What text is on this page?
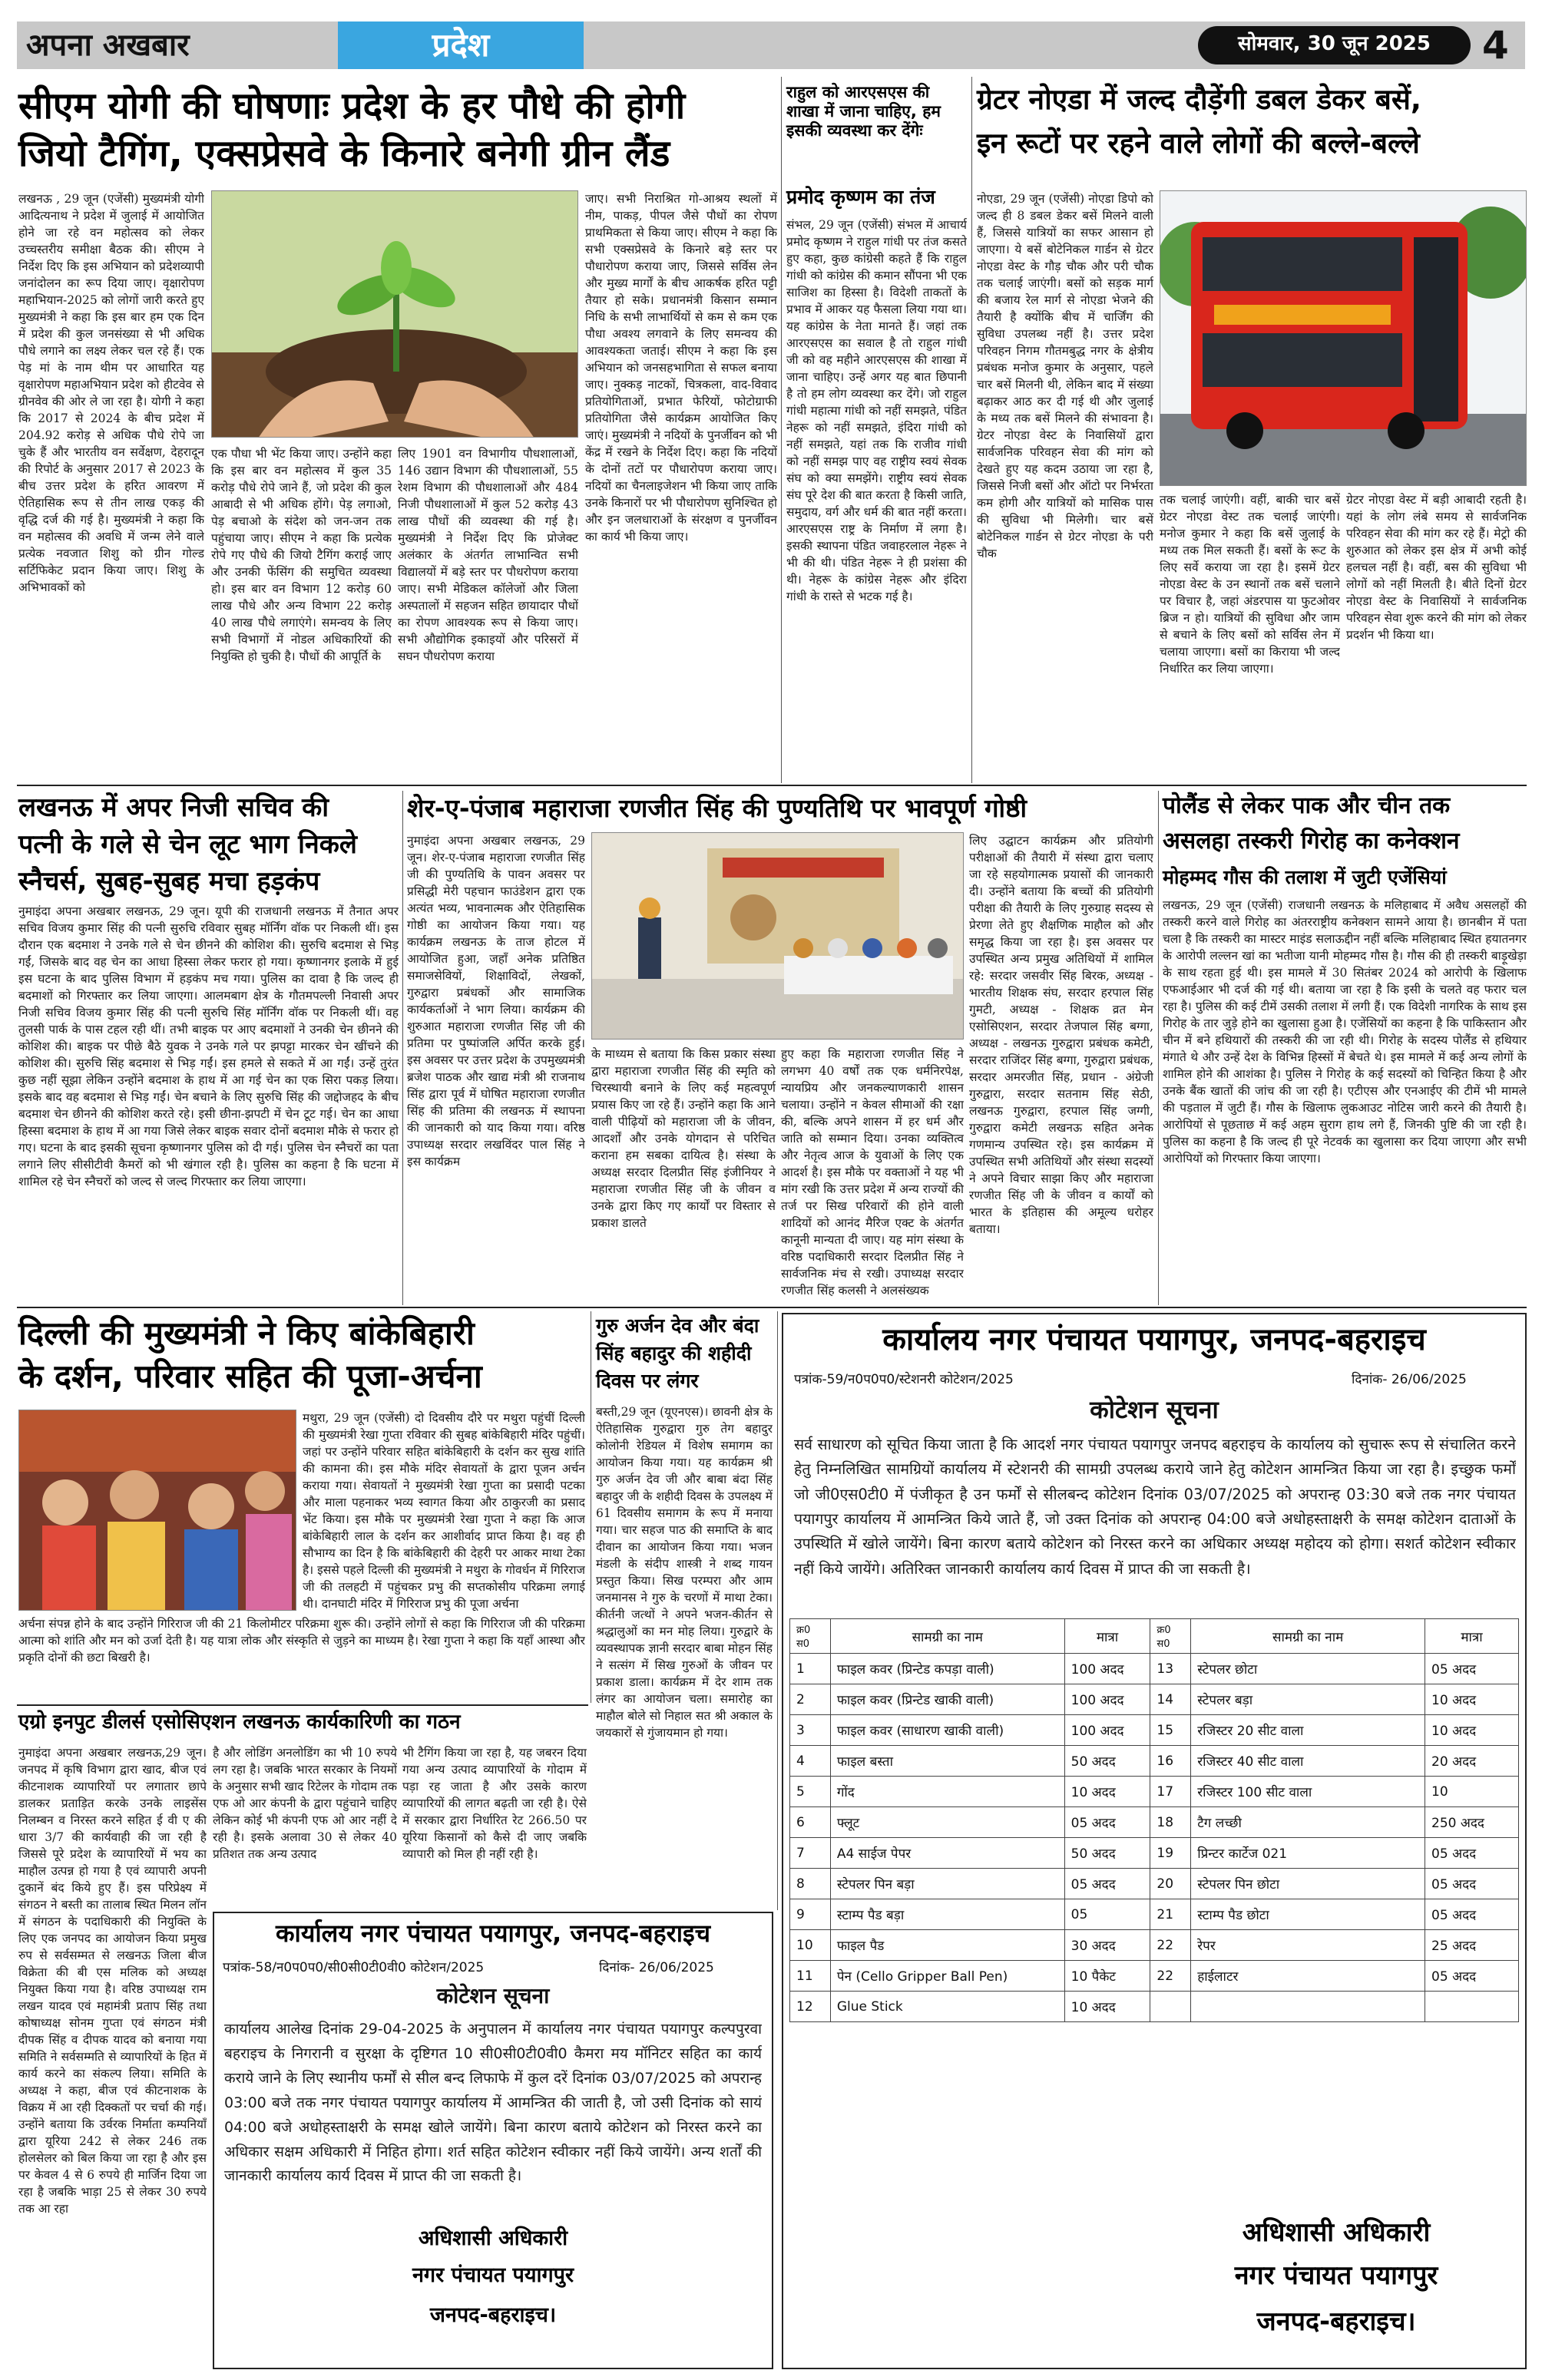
अपना अखबार	प्रदेश	सोमवार, 30 जून 2025	4
सीएम योगी की घोषणाः प्रदेश के हर पौधे की होगी
जियो टैगिंग, एक्सप्रेसवे के किनारे बनेगी ग्रीन लैंड
लखनऊ , 29 जून (एजेंसी) मुख्यमंत्री योगी आदित्यनाथ ने प्रदेश में जुलाई में आयोजित होने जा रहे वन महोत्सव को लेकर उच्चस्तरीय समीक्षा बैठक की। सीएम ने निर्देश दिए कि इस अभियान को प्रदेशव्यापी जनांदोलन का रूप दिया जाए। वृक्षारोपण महाभियान-2025 को लोगों जारी करते हुए मुख्यमंत्री ने कहा कि इस बार हम एक दिन में प्रदेश की कुल जनसंख्या से भी अधिक पौधे लगाने का लक्ष्य लेकर चल रहे हैं। एक पेड़ मां के नाम थीम पर आधारित यह वृक्षारोपण महाअभियान प्रदेश को हीटवेव से ग्रीनवेव की ओर ले जा रहा है। योगी ने कहा कि 2017 से 2024 के बीच प्रदेश में 204.92 करोड़ से अधिक पौधे रोपे जा चुके हैं और भारतीय वन सर्वेक्षण, देहरादून की रिपोर्ट के अनुसार 2017 से 2023 के बीच उत्तर प्रदेश के हरित आवरण में ऐतिहासिक रूप से तीन लाख एकड़ की वृद्धि दर्ज की गई है। मुख्यमंत्री ने कहा कि वन महोत्सव की अवधि में जन्म लेने वाले प्रत्येक नवजात शिशु को ग्रीन गोल्ड सर्टिफिकेट प्रदान किया जाए। शिशु के अभिभावकों को
एक पौधा भी भेंट किया जाए। उन्होंने कहा कि इस बार वन महोत्सव में कुल 35 करोड़ पौधे रोपे जाने हैं, जो प्रदेश की कुल आबादी से भी अधिक होंगे। पेड़ लगाओ, पेड़ बचाओ के संदेश को जन-जन तक पहुंचाया जाए। सीएम ने कहा कि प्रत्येक रोपे गए पौधे की जियो टैगिंग कराई जाए और उनकी फेंसिंग की समुचित व्यवस्था हो। इस बार वन विभाग 12 करोड़ 60 लाख पौधे और अन्य विभाग 22 करोड़ 40 लाख पौधे लगाएंगे। समन्वय के लिए सभी विभागों में नोडल अधिकारियों की नियुक्ति हो चुकी है। पौधों की आपूर्ति के
लिए 1901 वन विभागीय पौधशालाओं, 146 उद्यान विभाग की पौधशालाओं, 55 रेशम विभाग की पौधशालाओं और 484 निजी पौधशालाओं में कुल 52 करोड़ 43 लाख पौधों की व्यवस्था की गई है। मुख्यमंत्री ने निर्देश दिए कि प्रोजेक्ट अलंकार के अंतर्गत लाभान्वित सभी विद्यालयों में बड़े स्तर पर पौधरोपण कराया जाए। सभी मेडिकल कॉलेजों और जिला अस्पतालों में सहजन सहित छायादार पौधों का रोपण आवश्यक रूप से किया जाए। सभी औद्योगिक इकाइयों और परिसरों में सघन पौधरोपण कराया
जाए। सभी निराश्रित गो-आश्रय स्थलों में नीम, पाकड़, पीपल जैसे पौधों का रोपण प्राथमिकता से किया जाए। सीएम ने कहा कि सभी एक्सप्रेसवे के किनारे बड़े स्तर पर पौधारोपण कराया जाए, जिससे सर्विस लेन और मुख्य मार्गों के बीच आकर्षक हरित पट्टी तैयार हो सके। प्रधानमंत्री किसान सम्मान निधि के सभी लाभार्थियों से कम से कम एक पौधा अवश्य लगवाने के लिए समन्वय की आवश्यकता जताई। सीएम ने कहा कि इस अभियान को जनसहभागिता से सफल बनाया जाए। नुक्कड़ नाटकों, चित्रकला, वाद-विवाद प्रतियोगिताओं, प्रभात फेरियों, फोटोग्राफी प्रतियोगिता जैसे कार्यक्रम आयोजित किए जाएं। मुख्यमंत्री ने नदियों के पुनर्जीवन को भी केंद्र में रखने के निर्देश दिए। कहा कि नदियों के दोनों तटों पर पौधारोपण कराया जाए। नदियों का चैनलाइजेशन भी किया जाए ताकि उनके किनारों पर भी पौधारोपण सुनिश्चित हो और इन जलधाराओं के संरक्षण व पुनर्जीवन का कार्य भी किया जाए।
राहुल को आरएसएस की शाखा में जाना चाहिए, हम इसकी व्यवस्था कर देंगेः
प्रमोद कृष्णम का तंज
संभल, 29 जून (एजेंसी) संभल में आचार्य प्रमोद कृष्णम ने राहुल गांधी पर तंज कसते हुए कहा, कुछ कांग्रेसी कहते हैं कि राहुल गांधी को कांग्रेस की कमान सौंपना भी एक साजिश का हिस्सा है। विदेशी ताकतों के प्रभाव में आकर यह फैसला लिया गया था। यह कांग्रेस के नेता मानते हैं। जहां तक आरएसएस का सवाल है तो राहुल गांधी जी को वह महीने आरएसएस की शाखा में जाना चाहिए। उन्हें अगर यह बात छिपानी है तो हम लोग व्यवस्था कर देंगे। जो राहुल गांधी महात्मा गांधी को नहीं समझते, पंडित नेहरू को नहीं समझते, इंदिरा गांधी को नहीं समझते, यहां तक कि राजीव गांधी को नहीं समझ पाए वह राष्ट्रीय स्वयं सेवक संघ को क्या समझेंगे। राष्ट्रीय स्वयं सेवक संघ पूरे देश की बात करता है किसी जाति, समुदाय, वर्ग और धर्म की बात नहीं करता। आरएसएस राष्ट्र के निर्माण में लगा है। इसकी स्थापना पंडित जवाहरलाल नेहरू ने भी की थी। पंडित नेहरू ने ही प्रशंसा की थी। नेहरू के कांग्रेस नेहरू और इंदिरा गांधी के रास्ते से भटक गई है।
ग्रेटर नोएडा में जल्द दौड़ेंगी डबल डेकर बसें,
इन रूटों पर रहने वाले लोगों की बल्ले-बल्ले
नोएडा, 29 जून (एजेंसी) नोएडा डिपो को जल्द ही 8 डबल डेकर बसें मिलने वाली हैं, जिससे यात्रियों का सफर आसान हो जाएगा। ये बसें बोटेनिकल गार्डन से ग्रेटर नोएडा वेस्ट के गौड़ चौक और परी चौक तक चलाई जाएंगी। बसों को सड़क मार्ग की बजाय रेल मार्ग से नोएडा भेजने की तैयारी है क्योंकि बीच में चार्जिंग की सुविधा उपलब्ध नहीं है। उत्तर प्रदेश परिवहन निगम गौतमबुद्ध नगर के क्षेत्रीय प्रबंधक मनोज कुमार के अनुसार, पहले चार बसें मिलनी थी, लेकिन बाद में संख्या बढ़ाकर आठ कर दी गई थी और जुलाई के मध्य तक बसें मिलने की संभावना है। ग्रेटर नोएडा वेस्ट के निवासियों द्वारा सार्वजनिक परिवहन सेवा की मांग को देखते हुए यह कदम उठाया जा रहा है, जिससे निजी बसों और ऑटो पर निर्भरता कम होगी और यात्रियों को मासिक पास की सुविधा भी मिलेगी। चार बसें बोटेनिकल गार्डन से ग्रेटर नोएडा के परी चौक
तक चलाई जाएंगी। वहीं, बाकी चार बसें ग्रेटर नोएडा वेस्ट तक चलाई जाएंगी। मनोज कुमार ने कहा कि बसें जुलाई के मध्य तक मिल सकती हैं। बसों के रूट के लिए सर्वे कराया जा रहा है। इसमें ग्रेटर नोएडा वेस्ट के उन स्थानों तक बसें चलाने पर विचार है, जहां अंडरपास या फुटओवर ब्रिज न हो। यात्रियों की सुविधा और जाम से बचाने के लिए बसों को सर्विस लेन में चलाया जाएगा। बसों का किराया भी जल्द निर्धारित कर लिया जाएगा।
ग्रेटर नोएडा वेस्ट में बड़ी आबादी रहती है। यहां के लोग लंबे समय से सार्वजनिक परिवहन सेवा की मांग कर रहे हैं। मेट्रो की शुरुआत को लेकर इस क्षेत्र में अभी कोई हलचल नहीं है। वहीं, बस की सुविधा भी लोगों को नहीं मिलती है। बीते दिनों ग्रेटर नोएडा वेस्ट के निवासियों ने सार्वजनिक परिवहन सेवा शुरू करने की मांग को लेकर प्रदर्शन भी किया था।
लखनऊ में अपर निजी सचिव की
पत्नी के गले से चेन लूट भाग निकले
स्नैचर्स, सुबह-सुबह मचा हड़कंप
नुमाइंदा अपना अखबार लखनऊ, 29 जून। यूपी की राजधानी लखनऊ में तैनात अपर सचिव विजय कुमार सिंह की पत्नी सुरुचि रविवार सुबह मॉर्निंग वॉक पर निकली थीं। इस दौरान एक बदमाश ने उनके गले से चेन छीनने की कोशिश की। सुरुचि बदमाश से भिड़ गईं, जिसके बाद वह चेन का आधा हिस्सा लेकर फरार हो गया। कृष्णानगर इलाके में हुई इस घटना के बाद पुलिस विभाग में हड़कंप मच गया। पुलिस का दावा है कि जल्द ही बदमाशों को गिरफ्तार कर लिया जाएगा। आलमबाग क्षेत्र के गौतमपल्ली निवासी अपर निजी सचिव विजय कुमार सिंह की पत्नी सुरुचि सिंह मॉर्निंग वॉक पर निकली थीं। वह तुलसी पार्क के पास टहल रही थीं। तभी बाइक पर आए बदमाशों ने उनकी चेन छीनने की कोशिश की। बाइक पर पीछे बैठे युवक ने उनके गले पर झपट्टा मारकर चेन खींचने की कोशिश की। सुरुचि सिंह बदमाश से भिड़ गईं। इस हमले से सकते में आ गईं। उन्हें तुरंत कुछ नहीं सूझा लेकिन उन्होंने बदमाश के हाथ में आ गई चेन का एक सिरा पकड़ लिया। इसके बाद वह बदमाश से भिड़ गईं। चेन बचाने के लिए सुरुचि सिंह की जद्दोजहद के बीच बदमाश चेन छीनने की कोशिश करते रहे। इसी छीना-झपटी में चेन टूट गई। चेन का आधा हिस्सा बदमाश के हाथ में आ गया जिसे लेकर बाइक सवार दोनों बदमाश मौके से फरार हो गए। घटना के बाद इसकी सूचना कृष्णानगर पुलिस को दी गई। पुलिस चेन स्नैचरों का पता लगाने लिए सीसीटीवी कैमरों को भी खंगाल रही है। पुलिस का कहना है कि घटना में शामिल रहे चेन स्नैचरों को जल्द से जल्द गिरफ्तार कर लिया जाएगा।
शेर-ए-पंजाब महाराजा रणजीत सिंह की पुण्यतिथि पर भावपूर्ण गोष्ठी
नुमाइंदा अपना अखबार लखनऊ, 29 जून। शेर-ए-पंजाब महाराजा रणजीत सिंह जी की पुण्यतिथि के पावन अवसर पर प्रसिद्धी मेरी पहचान फाउंडेशन द्वारा एक अत्यंत भव्य, भावनात्मक और ऐतिहासिक गोष्ठी का आयोजन किया गया। यह कार्यक्रम लखनऊ के ताज होटल में आयोजित हुआ, जहाँ अनेक प्रतिष्ठित समाजसेवियों, शिक्षाविदों, लेखकों, गुरुद्वारा प्रबंधकों और सामाजिक कार्यकर्ताओं ने भाग लिया। कार्यक्रम की शुरुआत महाराजा रणजीत सिंह जी की प्रतिमा पर पुष्पांजलि अर्पित करके हुई। इस अवसर पर उत्तर प्रदेश के उपमुख्यमंत्री ब्रजेश पाठक और खाद्य मंत्री श्री राजनाथ सिंह द्वारा पूर्व में घोषित महाराजा रणजीत सिंह की प्रतिमा की लखनऊ में स्थापना की जानकारी को याद किया गया। वरिष्ठ उपाध्यक्ष सरदार लखविंदर पाल सिंह ने इस कार्यक्रम
के माध्यम से बताया कि किस प्रकार संस्था द्वारा महाराजा रणजीत सिंह की स्मृति को चिरस्थायी बनाने के लिए कई महत्वपूर्ण प्रयास किए जा रहे हैं। उन्होंने कहा कि आने वाली पीढ़ियों को महाराजा जी के जीवन, आदर्शों और उनके योगदान से परिचित कराना हम सबका दायित्व है। संस्था के अध्यक्ष सरदार दिलप्रीत सिंह इंजीनियर ने महाराजा रणजीत सिंह जी के जीवन व उनके द्वारा किए गए कार्यों पर विस्तार से प्रकाश डालते
हुए कहा कि महाराजा रणजीत सिंह ने लगभग 40 वर्षों तक एक धर्मनिरपेक्ष, न्यायप्रिय और जनकल्याणकारी शासन चलाया। उन्होंने न केवल सीमाओं की रक्षा की, बल्कि अपने शासन में हर धर्म और जाति को सम्मान दिया। उनका व्यक्तित्व और नेतृत्व आज के युवाओं के लिए एक आदर्श है। इस मौके पर वक्ताओं ने यह भी मांग रखी कि उत्तर प्रदेश में अन्य राज्यों की तर्ज पर सिख परिवारों की होने वाली शादियों को आनंद मैरिज एक्ट के अंतर्गत कानूनी मान्यता दी जाए। यह मांग संस्था के वरिष्ठ पदाधिकारी सरदार दिलप्रीत सिंह ने सार्वजनिक मंच से रखी। उपाध्यक्ष सरदार रणजीत सिंह कलसी ने अलसंख्यक
लिए उद्घाटन कार्यक्रम और प्रतियोगी परीक्षाओं की तैयारी में संस्था द्वारा चलाए जा रहे सहयोगात्मक प्रयासों की जानकारी दी। उन्होंने बताया कि बच्चों की प्रतियोगी परीक्षा की तैयारी के लिए गुरुग्राह सदस्य से प्रेरणा लेते हुए शैक्षणिक माहौल को और समृद्ध किया जा रहा है। इस अवसर पर उपस्थित अन्य प्रमुख अतिथियों में शामिल रहे: सरदार जसवीर सिंह बिरक, अध्यक्ष - भारतीय शिक्षक संघ, सरदार हरपाल सिंह गुमटी, अध्यक्ष - शिक्षक व्रत मेन एसोसिएशन, सरदार तेजपाल सिंह बग्गा, अध्यक्ष - लखनऊ गुरुद्वारा प्रबंधक कमेटी, सरदार राजिंदर सिंह बग्गा, गुरुद्वारा प्रबंधक, सरदार अमरजीत सिंह, प्रधान - अंग्रेजी गुरुद्वारा, सरदार सतनाम सिंह सेठी, लखनऊ गुरुद्वारा, हरपाल सिंह जग्गी, गुरुद्वारा कमेटी लखनऊ सहित अनेक गणमान्य उपस्थित रहे। इस कार्यक्रम में उपस्थित सभी अतिथियों और संस्था सदस्यों ने अपने विचार साझा किए और महाराजा रणजीत सिंह जी के जीवन व कार्यों को भारत के इतिहास की अमूल्य धरोहर बताया।
पोलैंड से लेकर पाक और चीन तक
असलहा तस्करी गिरोह का कनेक्शन
मोहम्मद गौस की तलाश में जुटी एजेंसियां
लखनऊ, 29 जून (एजेंसी) राजधानी लखनऊ के मलिहाबाद में अवैध असलहों की तस्करी करने वाले गिरोह का अंतरराष्ट्रीय कनेक्शन सामने आया है। छानबीन में पता चला है कि तस्करी का मास्टर माइंड सलाऊद्दीन नहीं बल्कि मलिहाबाद स्थित हयातनगर के आरोपी लल्लन खां का भतीजा यानी मोहम्मद गौस है। गौस की ही तस्करी बाड़ूखेड़ा के साथ रहता हुई थी। इस मामले में 30 सितंबर 2024 को आरोपी के खिलाफ एफआईआर भी दर्ज की गई थी। बताया जा रहा है कि इसी के चलते वह फरार चल रहा है। पुलिस की कई टीमें उसकी तलाश में लगी हैं। एक विदेशी नागरिक के साथ इस गिरोह के तार जुड़े होने का खुलासा हुआ है। एजेंसियों का कहना है कि पाकिस्तान और चीन में बने हथियारों की तस्करी की जा रही थी। गिरोह के सदस्य पोलैंड से हथियार मंगाते थे और उन्हें देश के विभिन्न हिस्सों में बेचते थे। इस मामले में कई अन्य लोगों के शामिल होने की आशंका है। पुलिस ने गिरोह के कई सदस्यों को चिन्हित किया है और उनके बैंक खातों की जांच की जा रही है। एटीएस और एनआईए की टीमें भी मामले की पड़ताल में जुटी हैं। गौस के खिलाफ लुकआउट नोटिस जारी करने की तैयारी है। आरोपियों से पूछताछ में कई अहम सुराग हाथ लगे हैं, जिनकी पुष्टि की जा रही है। पुलिस का कहना है कि जल्द ही पूरे नेटवर्क का खुलासा कर दिया जाएगा और सभी आरोपियों को गिरफ्तार किया जाएगा।
दिल्ली की मुख्यमंत्री ने किए बांकेबिहारी
के दर्शन, परिवार सहित की पूजा-अर्चना
मथुरा, 29 जून (एजेंसी) दो दिवसीय दौरे पर मथुरा पहुंचीं दिल्ली की मुख्यमंत्री रेखा गुप्ता रविवार की सुबह बांकेबिहारी मंदिर पहुंचीं। जहां पर उन्होंने परिवार सहित बांकेबिहारी के दर्शन कर सुख शांति की कामना की। इस मौके मंदिर सेवायतों के द्वारा पूजन अर्चन कराया गया। सेवायतों ने मुख्यमंत्री रेखा गुप्ता का प्रसादी पटका और माला पहनाकर भव्य स्वागत किया और ठाकुरजी का प्रसाद भेंट किया। इस मौके पर मुख्यमंत्री रेखा गुप्ता ने कहा कि आज बांकेबिहारी लाल के दर्शन कर आशीर्वाद प्राप्त किया है। वह ही सौभाग्य का दिन है कि बांकेबिहारी की देहरी पर आकर माथा टेका है। इससे पहले दिल्ली की मुख्यमंत्री ने मथुरा के गोवर्धन में गिरिराज जी की तलहटी में पहुंचकर प्रभु की सप्तकोसीय परिक्रमा लगाई थी। दानघाटी मंदिर में गिरिराज प्रभु की पूजा अर्चना
अर्चना संपन्न होने के बाद उन्होंने गिरिराज जी की 21 किलोमीटर परिक्रमा शुरू की। उन्होंने लोगों से कहा कि गिरिराज जी की परिक्रमा आत्मा को शांति और मन को उर्जा देती है। यह यात्रा लोक और संस्कृति से जुड़ने का माध्यम है। रेखा गुप्ता ने कहा कि यहाँ आस्था और प्रकृति दोनों की छटा बिखरी है।
एग्रो इनपुट डीलर्स एसोसिएशन लखनऊ कार्यकारिणी का गठन
नुमाइंदा अपना अखबार लखनऊ,29 जून। जनपद में कृषि विभाग द्वारा खाद, बीज एवं कीटनाशक व्यापारियों पर लगातार छापे डालकर प्रताड़ित करके उनके लाइसेंस निलम्बन व निरस्त करने सहित ई वी ए की धारा 3/7 की कार्यवाही की जा रही है जिससे पूरे प्रदेश के व्यापारियों में भय का माहौल उत्पन्न हो गया है एवं व्यापारी अपनी दुकानें बंद किये हुए हैं। इस परिप्रेक्ष्य में संगठन ने बस्ती का तालाब स्थित मिलन लॉन में संगठन के पदाधिकारी की नियुक्ति के लिए एक जनपद का आयोजन किया प्रमुख रुप से सर्वसम्मत से लखनऊ जिला बीज विक्रेता की बी एस मलिक को अध्यक्ष नियुक्त किया गया है। वरिष्ठ उपाध्यक्ष राम लखन यादव एवं महामंत्री प्रताप सिंह तथा कोषाध्यक्ष सोनम गुप्ता एवं संगठन मंत्री दीपक सिंह व दीपक यादव को बनाया गया समिति ने सर्वसम्मति से व्यापारियों के हित में कार्य करने का संकल्प लिया। समिति के अध्यक्ष ने कहा, बीज एवं कीटनाशक के विक्रय में आ रही दिक्कतों पर चर्चा की गई। उन्होंने बताया कि उर्वरक निर्माता कम्पनियाँ द्वारा यूरिया 242 से लेकर 246 तक होलसेलर को बिल किया जा रहा है और इस पर केवल 4 से 6 रुपये ही मार्जिन दिया जा रहा है जबकि भाड़ा 25 से लेकर 30 रुपये तक आ रहा
है और लोडिंग अनलोडिंग का भी 10 रुपये लग रहा है। जबकि भारत सरकार के नियमों के अनुसार सभी खाद रिटेलर के गोदाम तक एफ ओ आर कंपनी के द्वारा पहुंचाने चाहिए लेकिन कोई भी कंपनी एफ ओ आर नहीं दे रही है। इसके अलावा 30 से लेकर 40 प्रतिशत तक अन्य उत्पाद
भी टैगिंग किया जा रहा है, यह जबरन दिया गया अन्य उत्पाद व्यापारियों के गोदाम में पड़ा रह जाता है और उसके कारण व्यापारियों की लागत बढ़ती जा रही है। ऐसे में सरकार द्वारा निर्धारित रेट 266.50 पर यूरिया किसानों को कैसे दी जाए जबकि व्यापारी को मिल ही नहीं रही है।
कार्यालय नगर पंचायत पयागपुर, जनपद-बहराइच
पत्रांक-58/न0प0प0/सी0सी0टी0वी0 कोटेशन/2025	दिनांक- 26/06/2025
कोटेशन सूचना
कार्यालय आलेख दिनांक 29-04-2025 के अनुपालन में कार्यालय नगर पंचायत पयागपुर कल्पपुरवा बहराइच के निगरानी व सुरक्षा के दृष्टिगत 10 सी0सी0टी0वी0 कैमरा मय मॉनिटर सहित का कार्य कराये जाने के लिए स्थानीय फर्मों से सील बन्द लिफाफे में कुल दरें दिनांक 03/07/2025 को अपरान्ह 03:00 बजे तक नगर पंचायत पयागपुर कार्यालय में आमन्त्रित की जाती है, जो उसी दिनांक को सायं 04:00 बजे अधोहस्ताक्षरी के समक्ष खोले जायेंगे। बिना कारण बताये कोटेशन को निरस्त करने का अधिकार सक्षम अधिकारी में निहित होगा। शर्त सहित कोटेशन स्वीकार नहीं किये जायेंगे। अन्य शर्तों की जानकारी कार्यालय कार्य दिवस में प्राप्त की जा सकती है।
अधिशासी अधिकारी
नगर पंचायत पयागपुर
जनपद-बहराइच।
गुरु अर्जन देव और बंदा
सिंह बहादुर की शहीदी
दिवस पर लंगर
बस्ती,29 जून (यूएनएस)। छावनी क्षेत्र के ऐतिहासिक गुरुद्वारा गुरु तेग बहादुर कोलोनी रेडियल में विशेष समागम का आयोजन किया गया। यह कार्यक्रम श्री गुरु अर्जन देव जी और बाबा बंदा सिंह बहादुर जी के शहीदी दिवस के उपलक्ष्य में 61 दिवसीय समागम के रूप में मनाया गया। चार सहज पाठ की समाप्ति के बाद दीवान का आयोजन किया गया। भजन मंडली के संदीप शास्त्री ने शब्द गायन प्रस्तुत किया। सिख परम्परा और आम जनमानस ने गुरु के चरणों में माथा टेका। कीर्तनी जत्थों ने अपने भजन-कीर्तन से श्रद्धालुओं का मन मोह लिया। गुरुद्वारे के व्यवस्थापक ज्ञानी सरदार बाबा मोहन सिंह ने सत्संग में सिख गुरुओं के जीवन पर प्रकाश डाला। कार्यक्रम में देर शाम तक लंगर का आयोजन चला। समारोह का माहौल बोले सो निहाल सत श्री अकाल के जयकारों से गुंजायमान हो गया।
कार्यालय नगर पंचायत पयागपुर, जनपद-बहराइच
पत्रांक-59/न0प0प0/स्टेशनरी कोटेशन/2025	दिनांक- 26/06/2025
कोटेशन सूचना
सर्व साधारण को सूचित किया जाता है कि आदर्श नगर पंचायत पयागपुर जनपद बहराइच के कार्यालय को सुचारू रूप से संचालित करने हेतु निम्नलिखित सामग्रियों कार्यालय में स्टेशनरी की सामग्री उपलब्ध कराये जाने हेतु कोटेशन आमन्त्रित किया जा रहा है। इच्छुक फर्मों जो जी0एस0टी0 में पंजीकृत है उन फर्मों से सीलबन्द कोटेशन दिनांक 03/07/2025 को अपरान्ह 03:30 बजे तक नगर पंचायत पयागपुर कार्यालय में आमन्त्रित किये जाते हैं, जो उक्त दिनांक को अपरान्ह 04:00 बजे अधोहस्ताक्षरी के समक्ष कोटेशन दाताओं के उपस्थिति में खोले जायेंगे। बिना कारण बताये कोटेशन को निरस्त करने का अधिकार अध्यक्ष महोदय को होगा। सशर्त कोटेशन स्वीकार नहीं किये जायेंगे। अतिरिक्त जानकारी कार्यालय कार्य दिवस में प्राप्त की जा सकती है।
क्र0 स0	सामग्री का नाम	मात्रा	क्र0 स0	सामग्री का नाम	मात्रा
1	फाइल कवर (प्रिन्टेड कपड़ा वाली)	100 अदद	13	स्टेपलर छोटा	05 अदद
2	फाइल कवर (प्रिन्टेड खाकी वाली)	100 अदद	14	स्टेपलर बड़ा	10 अदद
3	फाइल कवर (साधारण खाकी वाली)	100 अदद	15	रजिस्टर 20 सीट वाला	10 अदद
4	फाइल बस्ता	50 अदद	16	रजिस्टर 40 सीट वाला	20 अदद
5	गोंद	10 अदद	17	रजिस्टर 100 सीट वाला	10
6	फ्लूट	05 अदद	18	टैग लच्छी	250 अदद
7	A4 साईज पेपर	50 अदद	19	प्रिन्टर कार्टेज 021	05 अदद
8	स्टेपलर पिन बड़ा	05 अदद	20	स्टेपलर पिन छोटा	05 अदद
9	स्टाम्प पैड बड़ा	05	21	स्टाम्प पैड छोटा	05 अदद
10	फाइल पैड	30 अदद	22	रेपर	25 अदद
11	पेन (Cello Gripper Ball Pen)	10 पैकेट	22	हाईलाटर	05 अदद
12	Glue Stick	10 अदद			
अधिशासी अधिकारी
नगर पंचायत पयागपुर
जनपद-बहराइच।
